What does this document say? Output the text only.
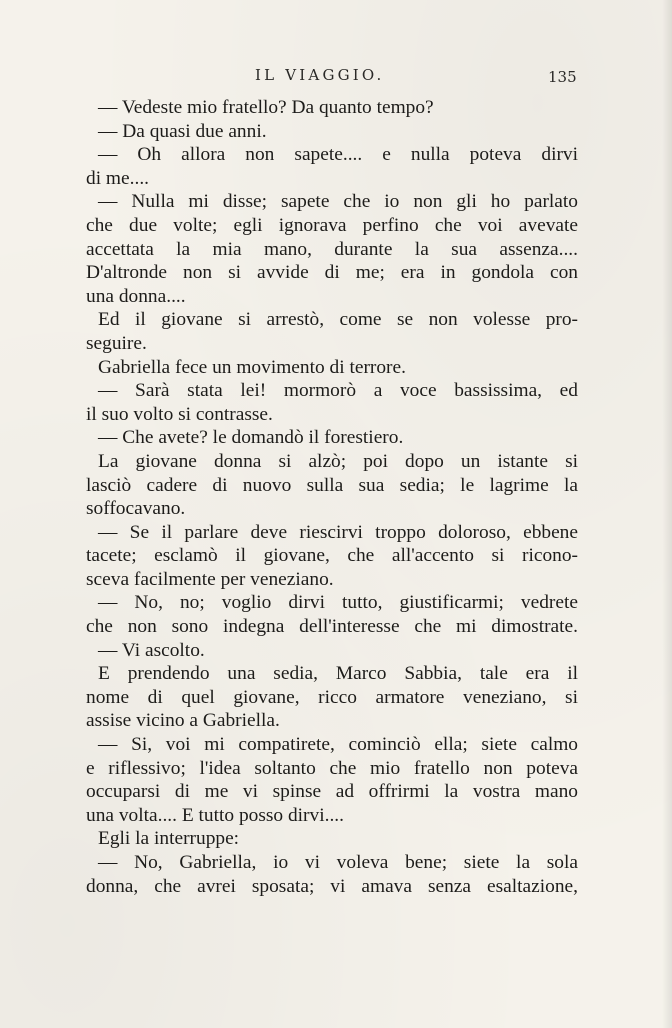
IL VIAGGIO.	135
— Vedeste mio fratello? Da quanto tempo?
— Da quasi due anni.
— Oh allora non sapete.... e nulla poteva dirvi
di me....
— Nulla mi disse; sapete che io non gli ho parlato
che due volte; egli ignorava perfino che voi avevate
accettata la mia mano, durante la sua assenza....
D'altronde non si avvide di me; era in gondola con
una donna....
Ed il giovane si arrestò, come se non volesse pro-
seguire.
Gabriella fece un movimento di terrore.
— Sarà stata lei! mormorò a voce bassissima, ed
il suo volto si contrasse.
— Che avete? le domandò il forestiero.
La giovane donna si alzò; poi dopo un istante si
lasciò cadere di nuovo sulla sua sedia; le lagrime la
soffocavano.
— Se il parlare deve riescirvi troppo doloroso, ebbene
tacete; esclamò il giovane, che all'accento si ricono-
sceva facilmente per veneziano.
— No, no; voglio dirvi tutto, giustificarmi; vedrete
che non sono indegna dell'interesse che mi dimostrate.
— Vi ascolto.
E prendendo una sedia, Marco Sabbia, tale era il
nome di quel giovane, ricco armatore veneziano, si
assise vicino a Gabriella.
— Si, voi mi compatirete, cominciò ella; siete calmo
e riflessivo; l'idea soltanto che mio fratello non poteva
occuparsi di me vi spinse ad offrirmi la vostra mano
una volta.... E tutto posso dirvi....
Egli la interruppe:
— No, Gabriella, io vi voleva bene; siete la sola
donna, che avrei sposata; vi amava senza esaltazione,
